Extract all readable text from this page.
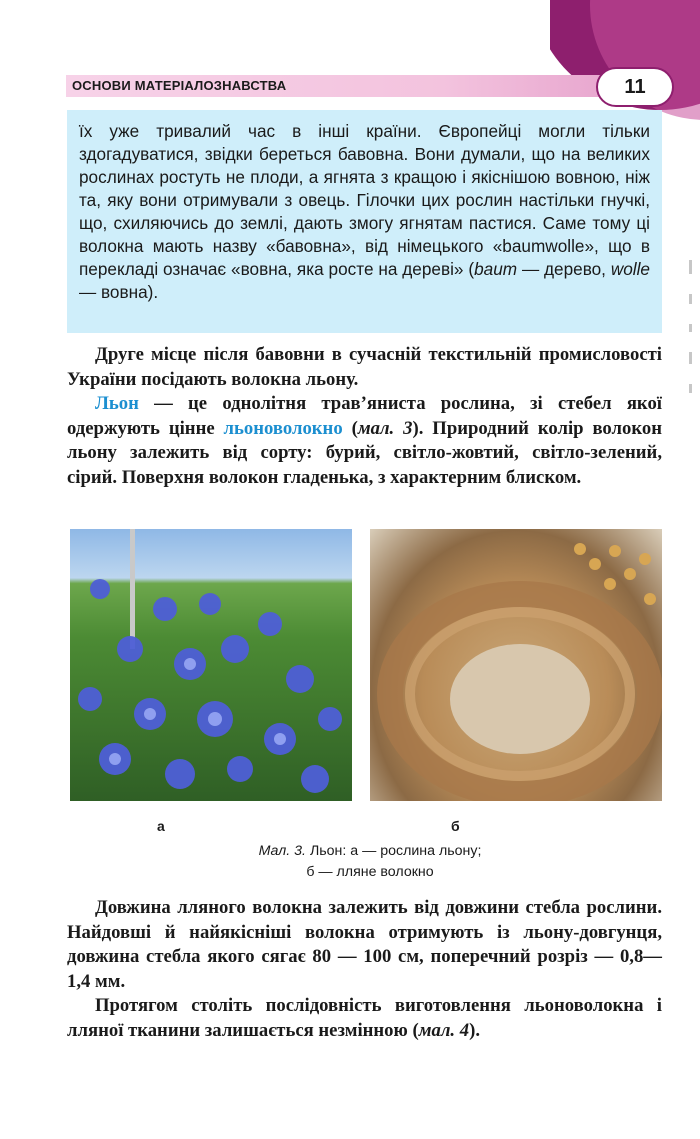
ОСНОВИ МАТЕРІАЛОЗНАВСТВА	11

їх уже тривалий час в інші країни. Європейці могли тільки здогадуватися, звідки береться бавовна. Вони думали, що на великих рослинах ростуть не плоди, а ягнята з кращою і якіснішою вовною, ніж та, яку вони отримували з овець. Гілочки цих рослин настільки гнучкі, що, схиляючись до землі, дають змогу ягнятам пастися. Саме тому ці волокна мають назву «бавовна», від німецького «baumwolle», що в перекладі означає «вовна, яка росте на дереві» (baum — дерево, wolle — вовна).

Друге місце після бавовни в сучасній текстильній промисловості України посідають волокна льону.

Льон — це однолітня трав’яниста рослина, зі стебел якої одержують цінне льоноволокно (мал. 3). Природний колір волокон льону залежить від сорту: бурий, світло-жовтий, світло-зелений, сірий. Поверхня волокон гладенька, з характерним блиском.

а	б
Мал. 3. Льон: а — рослина льону;
б — лляне волокно

Довжина лляного волокна залежить від довжини стебла рослини. Найдовші й найякісніші волокна отримують із льону-довгунця, довжина стебла якого сягає 80 — 100 см, поперечний розріз — 0,8—1,4 мм.

Протягом століть послідовність виготовлення льоноволокна і лляної тканини залишається незмінною (мал. 4).
